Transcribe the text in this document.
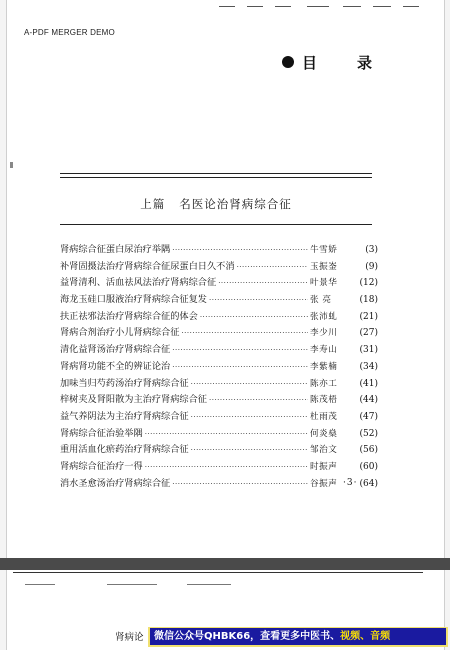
A-PDF MERGER DEMO
目	录
上篇 名医论治肾病综合征
肾病综合征蛋白尿治疗举隅 ·····	牛雪娇	(3)
补肾固摄法治疗肾病综合征尿蛋白日久不消 ·····	玉振崟	(9)
益肾清利、活血祛风法治疗肾病综合征 ·····	叶景华	(12)
海龙玉硅口服液治疗肾病综合征复发 ·····	张 亮	(18)
扶正祛邪法治疗肾病综合征的体会 ·····	张沛虬	(21)
肾病合剂治疗小儿肾病综合征 ·····	李少川	(27)
清化益肾汤治疗肾病综合征 ·····	李寿山	(31)
肾病肾功能不全的辨证论治 ·····	李紫楠	(34)
加味当归芍药汤治疗肾病综合征 ·····	陈亦工	(41)
梓树夹及肾阳散为主治疗肾病综合征 ·····	陈茂梧	(44)
益气养阴法为主治疗肾病综合征 ·····	杜雨茂	(47)
肾病综合征治验举隅 ·····	何炎燊	(52)
重用活血化瘀药治疗肾病综合征 ·····	邹治文	(56)
肾病综合征治疗一得 ·····	时振声	(60)
消水圣愈汤治疗肾病综合征 ·····	谷振声	(64)
·3·
肾病论	微信公众号QHBK66，查看更多中医书、视频、音频
